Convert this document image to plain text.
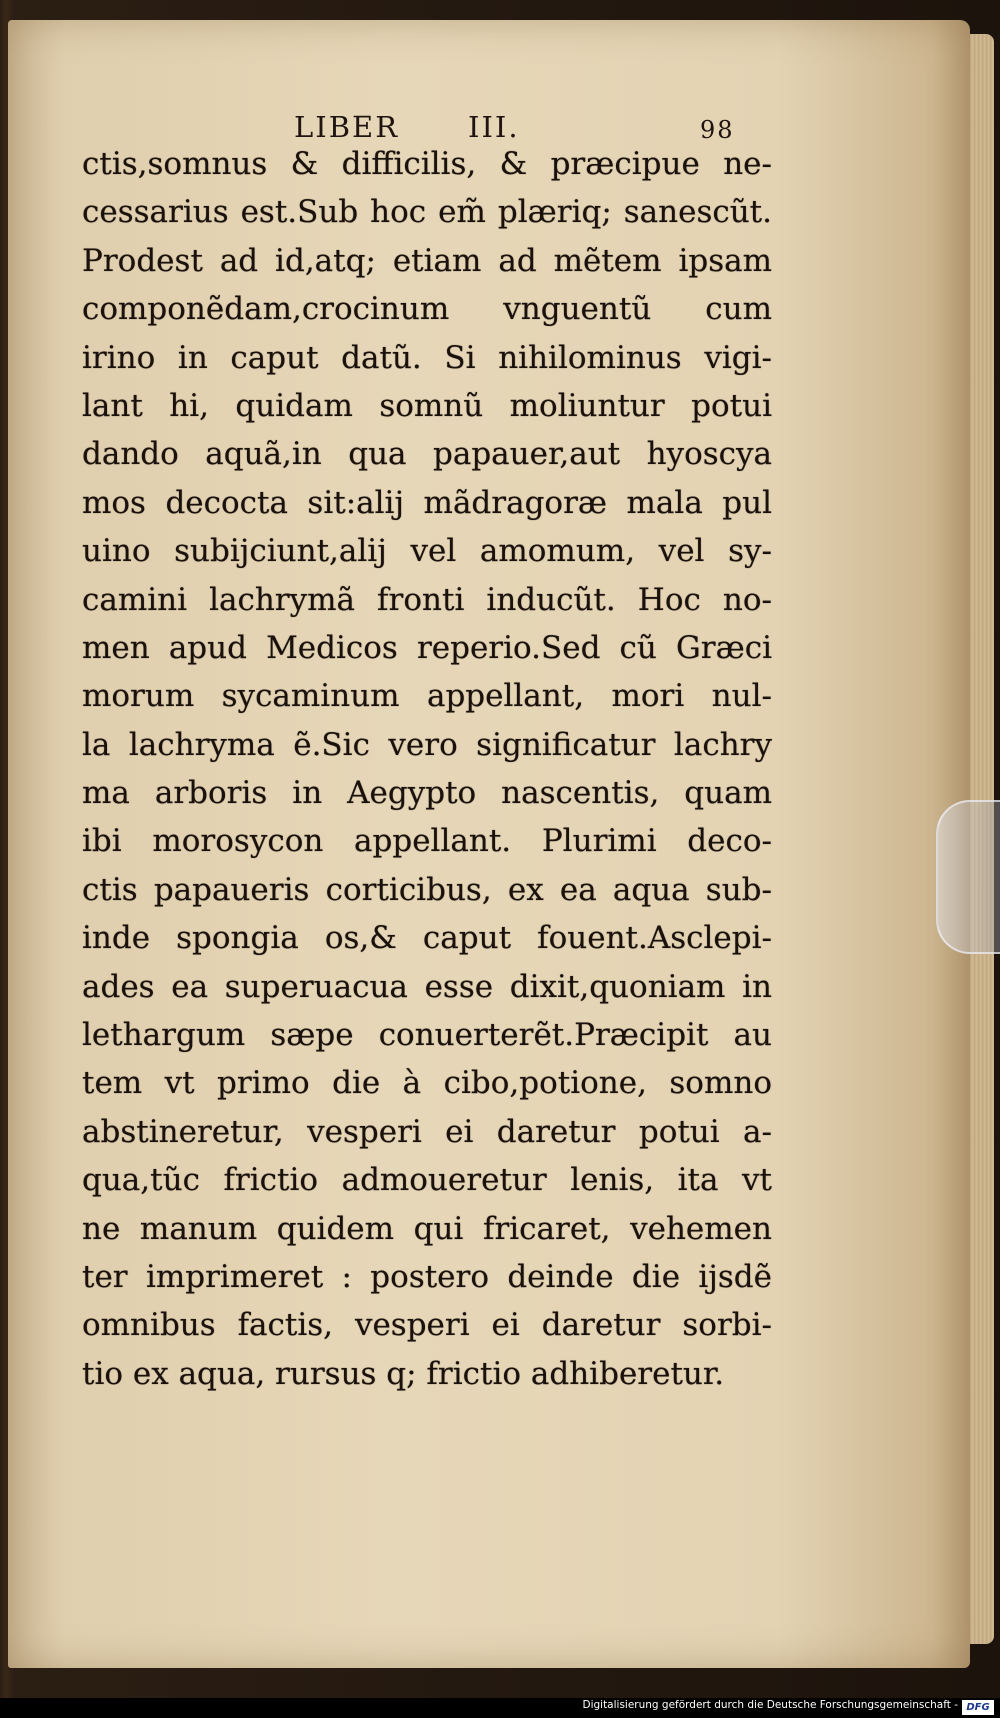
LIBER III.	98
ctis,somnus & difficilis, & præcipue ne-
cessarius est.Sub hoc em̃ plæriq; sanescũt.
Prodest ad id,atq; etiam ad mẽtem ipsam
componẽdam,crocinum vnguentũ cum
irino in caput datũ. Si nihilominus vigi-
lant hi, quidam somnũ moliuntur potui
dando aquã,in qua papauer,aut hyoscya
mos decocta sit:alij mãdragoræ mala pul
uino subijciunt,alij vel amomum, vel sy-
camini lachrymã fronti inducũt. Hoc no-
men apud Medicos reperio.Sed cũ Græci
morum sycaminum appellant, mori nul-
la lachryma ẽ.Sic vero significatur lachry
ma arboris in Aegypto nascentis, quam
ibi morosycon appellant. Plurimi deco-
ctis papaueris corticibus, ex ea aqua sub-
inde spongia os,& caput fouent.Asclepi-
ades ea superuacua esse dixit,quoniam in
lethargum sæpe conuerterẽt.Præcipit au
tem vt primo die à cibo,potione, somno
abstineretur, vesperi ei daretur potui a-
qua,tũc frictio admoueretur lenis, ita vt
ne manum quidem qui fricaret, vehemen
ter imprimeret : postero deinde die ijsdẽ
omnibus factis, vesperi ei daretur sorbi-
tio ex aqua, rursus q; frictio adhiberetur.
Digitalisierung gefördert durch die Deutsche Forschungsgemeinschaft - DFG
